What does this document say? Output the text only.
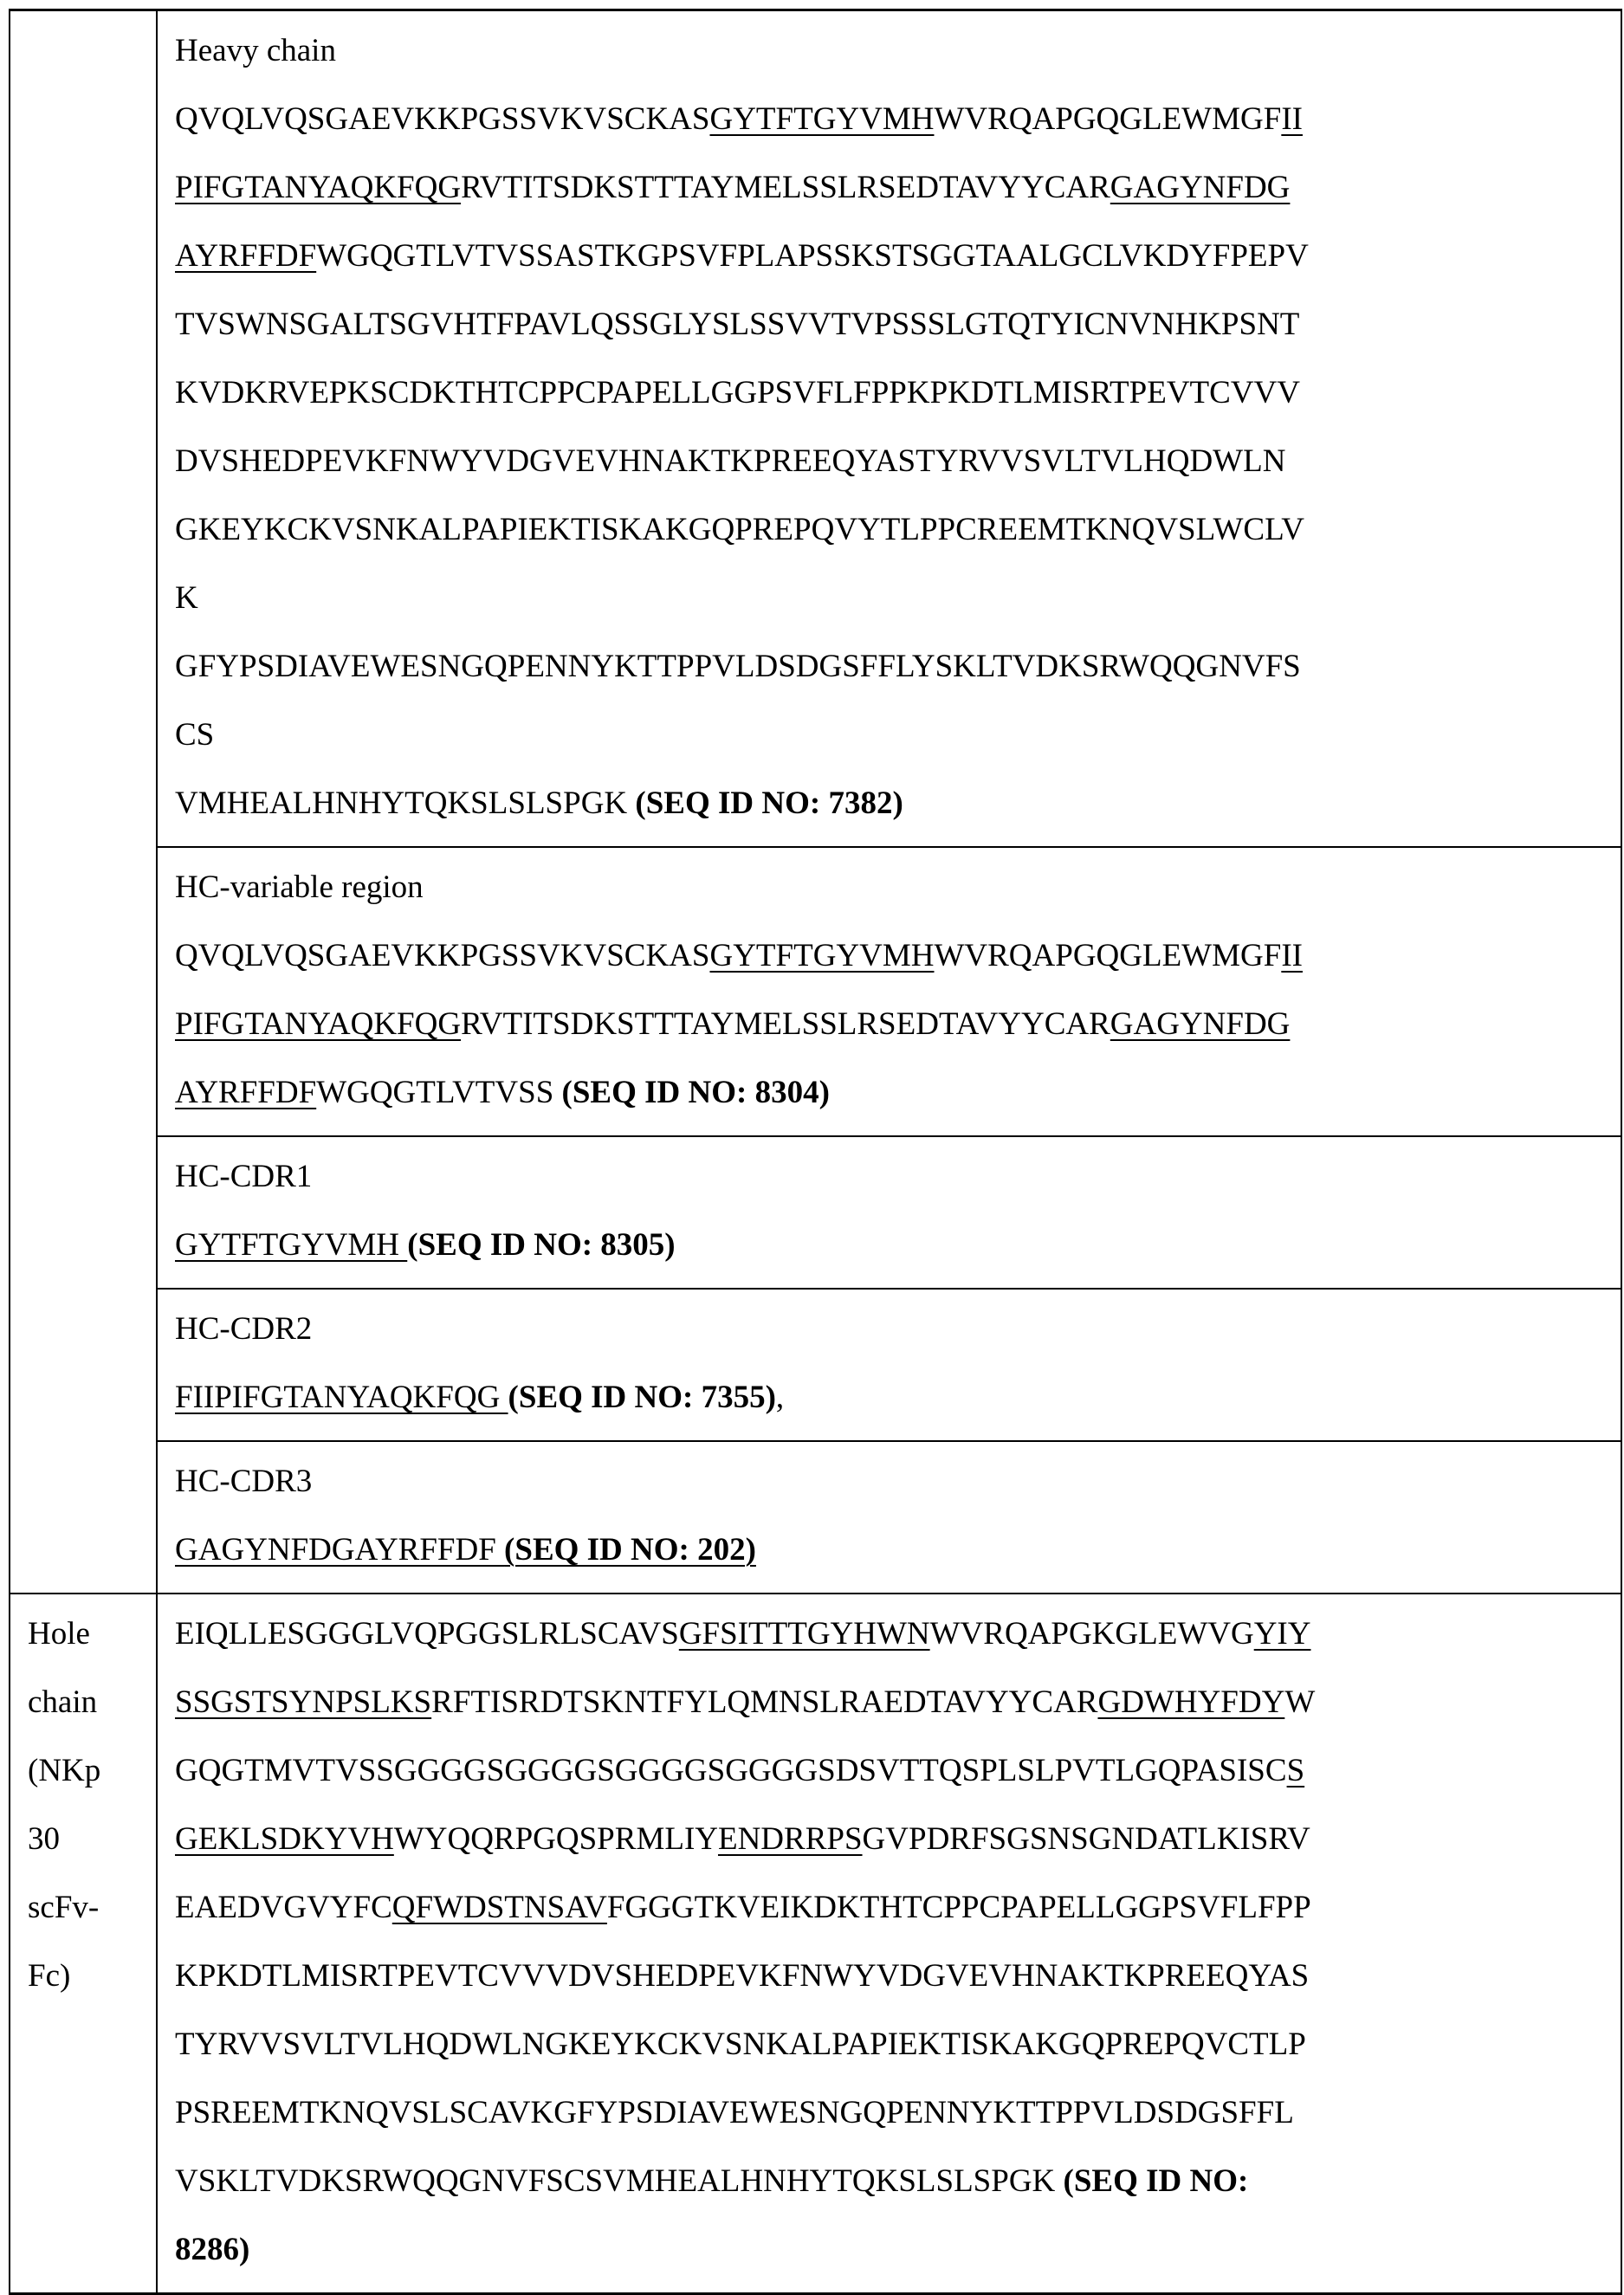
Heavy chain
QVQLVQSGAEVKKPGSSVKVSCKASGYTFTGYVMHWVRQAPGQGLEWMGFII
PIFGTANYAQKFQGRVTITSDKSTTTAYMELSSLRSEDTAVYYCARGAGYNFDG
AYRFFDFWGQGTLVTVSSASTKGPSVFPLAPSSKSTSGGTAALGCLVKDYFPEPV
TVSWNSGALTSGVHTFPAVLQSSGLYSLSSVVTVPSSSLGTQTYICNVNHKPSNT
KVDKRVEPKSCDKTHTCPPCPAPELLGGPSVFLFPPKPKDTLMISRTPEVTCVVV
DVSHEDPEVKFNWYVDGVEVHNAKTKPREEQYASTYRVVSVLTVLHQDWLN
GKEYKCKVSNKALPAPIEKTISKAKGQPREPQVYTLPPCREEMTKNQVSLWCLV
K
GFYPSDIAVEWESNGQPENNYKTTPPVLDSDGSFFLYSKLTVDKSRWQQGNVFS
CS
VMHEALHNHYTQKSLSLSPGK (SEQ ID NO: 7382)

	HC-variable region
QVQLVQSGAEVKKPGSSVKVSCKASGYTFTGYVMHWVRQAPGQGLEWMGFII
PIFGTANYAQKFQGRVTITSDKSTTTAYMELSSLRSEDTAVYYCARGAGYNFDG
AYRFFDFWGQGTLVTVSS (SEQ ID NO: 8304)

	HC-CDR1
GYTFTGYVMH (SEQ ID NO: 8305)

	HC-CDR2
FIIPIFGTANYAQKFQG (SEQ ID NO: 7355),

	HC-CDR3
GAGYNFDGAYRFFDF (SEQ ID NO: 202)

Hole
chain
(NKp
30
scFv-
Fc)

EIQLLESGGGLVQPGGSLRLSCAVSGFSITTTGYHWNWVRQAPGKGLEWVGYIY
SSGSTSYNPSLKSRFTISRDTSKNTFYLQMNSLRAEDTAVYYCARGDWHYFDYW
GQGTMVTVSSGGGGSGGGGSGGGGSGGGGSDSVTTQSPLSLPVTLGQPASISCS
GEKLSDKYVHWYQQRPGQSPRMLIYENDRRPSGVPDRFSGSNSGNDATLKISRV
EAEDVGVYFCQFWDSTNSAVFGGGTKVEIKDKTHTCPPCPAPELLGGPSVFLFPP
KPKDTLMISRTPEVTCVVVDVSHEDPEVKFNWYVDGVEVHNAKTKPREEQYAS
TYRVVSVLTVLHQDWLNGKEYKCKVSNKALPAPIEKTISKAKGQPREPQVCTLP
PSREEMTKNQVSLSCAVKGFYPSDIAVEWESNGQPENNYKTTPPVLDSDGSFFL
VSKLTVDKSRWQQGNVFSCSVMHEALHNHYTQKSLSLSPGK (SEQ ID NO:
8286)
